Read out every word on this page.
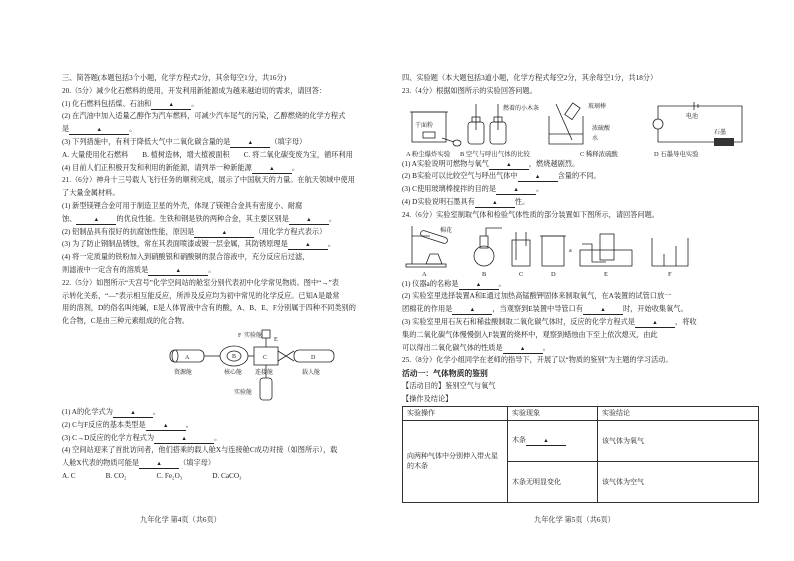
三、简答题(本题包括3个小题，化学方程式2分，其余每空1分，共16分)
20.（5分）减少化石燃料的使用，开发利用新能源成为越来越迫切的需求，请回答：
(1) 化石燃料包括煤、石油和	▲ 。
(2) 在汽油中加入适量乙醇作为汽车燃料，可减少汽车尾气的污染，乙醇燃烧的化学方程式
是	▲	。
(3) 下列措施中，有利于降低大气中二氧化碳含量的是	▲ （填字母）
A. 大量使用化石燃料 B. 植树造林，增大植被面积 C. 将二氧化碳变废为宝，循环利用
(4) 目前人们正积极开发和利用的新能源，请列举一种新能源	▲ 。
21.（6分）神舟十三号载人飞行任务的顺利完成，展示了中国航天的力量。在航天领域中使用
了大量金属材料。
(1) 新型镁锂合金可用于制造卫星的外壳，体现了镁锂合金具有密度小、耐腐
蚀、	▲ 的优良性能。生铁和钢是铁的两种合金，其主要区别是	▲ 。
(2) 铝制品具有很好的抗腐蚀性能，原因是	▲	（用化学方程式表示）
(3) 为了防止钢制品锈蚀，常在其表面喷漆或镀一层金属，其防锈原理是	▲ 。
(4) 将一定质量的铁粉加入到硝酸银和硝酸铜的混合溶液中，充分反应后过滤，
则滤液中一定含有的溶质是	▲	。
22.（5分）如图所示“天宫号”化学空间站的舱室分别代表初中化学常见物质。图中“→”表
示转化关系，“—”表示相互能反应，所涉及反应均为初中常见的化学反应。已知A是最常
用的溶剂，D的俗名叫纯碱，E是人体胃液中含有的酸，A、B、E、F分别属于四种不同类别的
化合物，C是由三种元素组成的化合物。
A
资源舱
B
核心舱
C
连接舱
F 实验舱
E
实验舱
D
载人舱
(1) A的化学式为	▲ 。
(2) C与F反应的基本类型是	▲ 。
(3) C→D反应的化学方程式为	▲	。
(4) 空间站迎来了首批访问者，他们搭乘的载人舱X与连接舱C成功对接（如图所示），载
人舱X代表的物质可能是	▲ （填字母）
A. C	B. CO₂	C. Fe₂O₃	D. CaCO₃
九年化学 第4页（共6页）
四、实验题（本大题包括3道小题，化学方程式每空2分，其余每空1分，共18分）
23.（4分）根据如图所示的实验回答问题。
干面粉
燃着的小木条	玻璃棒
浓硫酸
水
电池
石墨
A 粉尘爆炸实验 B 空气与呼出气体的比较	C 稀释浓硫酸	D 石墨导电实验
(1) A实验说明可燃物与氧气	▲ ，燃烧越剧烈。
(2) B实验可以比较空气与呼出气体中	▲ 含量的不同。
(3) C使用玻璃棒搅拌的目的是	▲ 。
(4) D实验说明石墨具有	▲ 性。
24.（6分）实验室制取气体和检验气体性质的部分装置如下图所示，请回答问题。
棉花
a
A	B	C	D	E	F
(1) 仪器a的名称是	▲ 。
(2) 实验室里选择装置A和E通过加热高锰酸钾固体来制取氧气，在A装置的试管口放一
团棉花的作用是	▲ ，当观察到E装置中导管口有	▲ 时，开始收集氧气。
(3) 实验室里用石灰石和稀盐酸制取二氧化碳气体时，反应的化学方程式是	▲ ，将收
集的二氧化碳气体慢慢倒入F装置的烧杯中，观察到蜡烛由下至上依次熄灭，由此
可以得出二氧化碳气体的性质是	▲ 。
25.（8分）化学小组同学在老师的指导下，开展了以“物质的鉴别”为主题的学习活动。
活动一：气体物质的鉴别
【活动目的】鉴别空气与氧气
【操作及结论】
实验操作	实验现象	实验结论
向两种气体中分别伸入带火星的木条	木条 ▲	该气体为氧气
	木条无明显变化	该气体为空气
九年化学 第5页（共6页）
